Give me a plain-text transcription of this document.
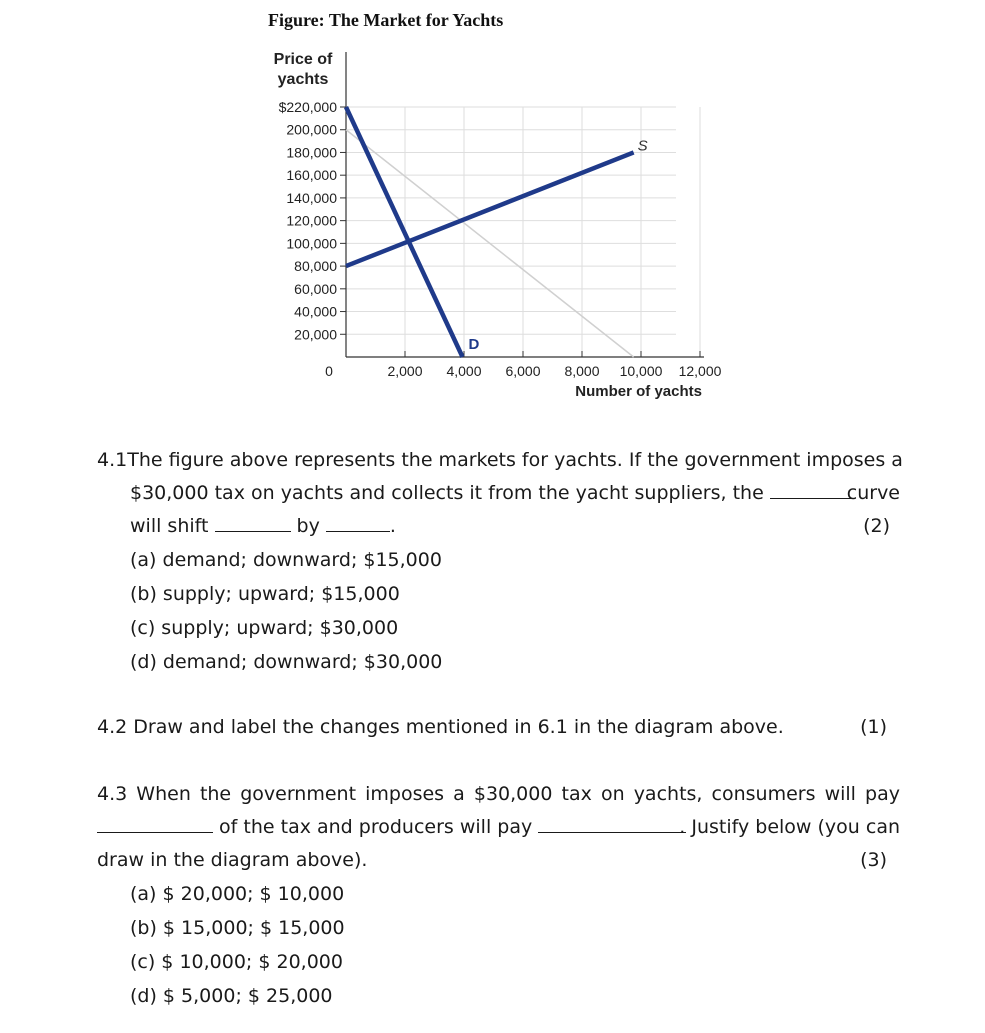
Figure: The Market for Yachts
$220,000
200,000
180,000
160,000
140,000
120,000
100,000
80,000
60,000
40,000
20,000
2,000 4,000 6,000 8,000 10,000 12,000
0
Price of
yachts
Number of yachts
S
D
4.1The figure above represents the markets for yachts. If the government imposes a
$30,000 tax on yachts and collects it from the yacht suppliers, the	curve
will shift	by	.	(2)
(a) demand; downward; $15,000
(b) supply; upward; $15,000
(c) supply; upward; $30,000
(d) demand; downward; $30,000
4.2 Draw and label the changes mentioned in 6.1 in the diagram above.	(1)
4.3 When the government imposes a $30,000 tax on yachts, consumers will pay
of the tax and producers will pay	. Justify below (you can
draw in the diagram above).	(3)
(a) $ 20,000; $ 10,000
(b) $ 15,000; $ 15,000
(c) $ 10,000; $ 20,000
(d) $ 5,000; $ 25,000
